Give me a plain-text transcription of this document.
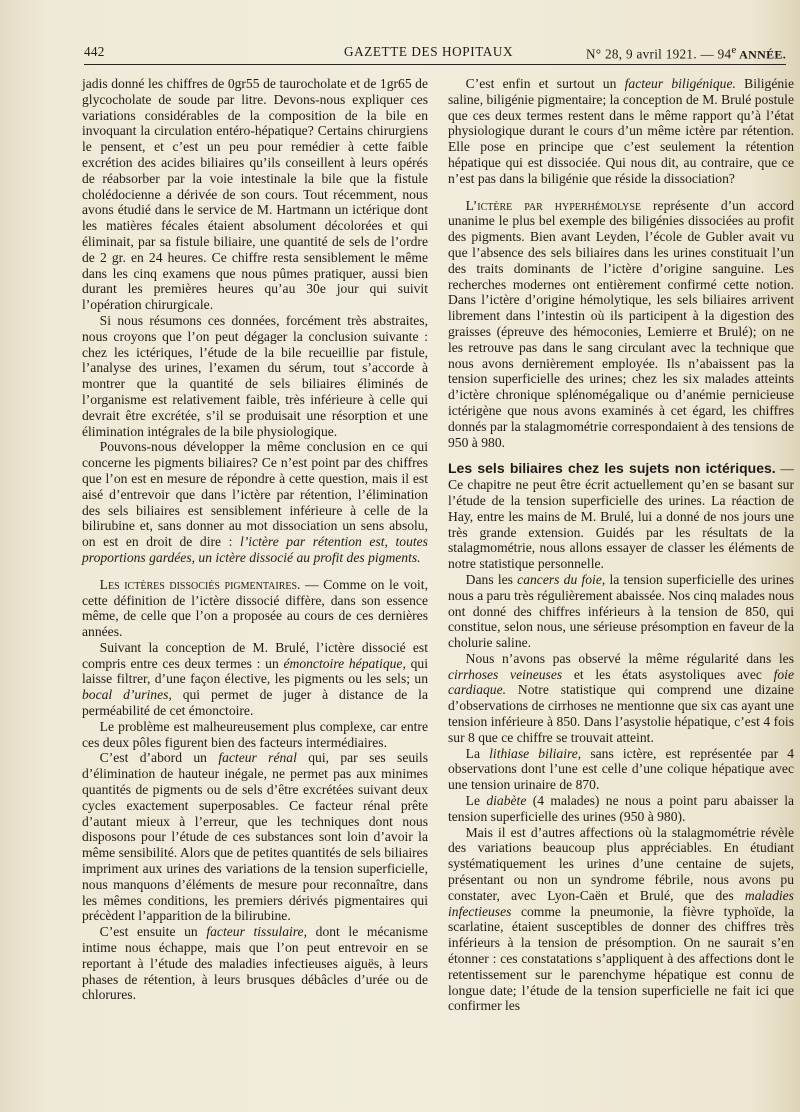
442	GAZETTE DES HOPITAUX	N° 28, 9 avril 1921. — 94e ANNÉE.

jadis donné les chiffres de 0gr55 de taurocholate et de 1gr65 de glycocholate de soude par litre. Devons-nous expliquer ces variations considérables de la composition de la bile en invoquant la circulation entéro-hépatique? Certains chirurgiens le pensent, et c’est un peu pour remédier à cette faible excrétion des acides biliaires qu’ils conseillent à leurs opérés de réabsorber par la voie intestinale la bile que la fistule cholédocienne a dérivée de son cours. Tout récemment, nous avons étudié dans le service de M. Hartmann un ictérique dont les matières fécales étaient absolument décolorées et qui éliminait, par sa fistule biliaire, une quantité de sels de l’ordre de 2 gr. en 24 heures. Ce chiffre resta sensiblement le même dans les cinq examens que nous pûmes pratiquer, aussi bien durant les premières heures qu’au 30e jour qui suivit l’opération chirurgicale.

Si nous résumons ces données, forcément très abstraites, nous croyons que l’on peut dégager la conclusion suivante : chez les ictériques, l’étude de la bile recueillie par fistule, l’analyse des urines, l’examen du sérum, tout s’accorde à montrer que la quantité de sels biliaires éliminés de l’organisme est relativement faible, très inférieure à celle qui devrait être excrétée, s’il se produisait une résorption et une élimination intégrales de la bile physiologique.

Pouvons-nous développer la même conclusion en ce qui concerne les pigments biliaires? Ce n’est point par des chiffres que l’on est en mesure de répondre à cette question, mais il est aisé d’entrevoir que dans l’ictère par rétention, l’élimination des sels biliaires est sensiblement inférieure à celle de la bilirubine et, sans donner au mot dissociation un sens absolu, on est en droit de dire : l’ictère par rétention est, toutes proportions gardées, un ictère dissocié au profit des pigments.

Les ictères dissociés pigmentaires. — Comme on le voit, cette définition de l’ictère dissocié diffère, dans son essence même, de celle que l’on a proposée au cours de ces dernières années.

Suivant la conception de M. Brulé, l’ictère dissocié est compris entre ces deux termes : un émonctoire hépatique, qui laisse filtrer, d’une façon élective, les pigments ou les sels; un bocal d’urines, qui permet de juger à distance de la perméabilité de cet émonctoire.

Le problème est malheureusement plus complexe, car entre ces deux pôles figurent bien des facteurs intermédiaires.

C’est d’abord un facteur rénal qui, par ses seuils d’élimination de hauteur inégale, ne permet pas aux minimes quantités de pigments ou de sels d’être excrétées suivant deux cycles exactement superposables. Ce facteur rénal prête d’autant mieux à l’erreur, que les techniques dont nous disposons pour l’étude de ces substances sont loin d’avoir la même sensibilité. Alors que de petites quantités de sels biliaires impriment aux urines des variations de la tension superficielle, nous manquons d’éléments de mesure pour reconnaître, dans les mêmes conditions, les premiers dérivés pigmentaires qui précèdent l’apparition de la bilirubine.

C’est ensuite un facteur tissulaire, dont le mécanisme intime nous échappe, mais que l’on peut entrevoir en se reportant à l’étude des maladies infectieuses aiguës, à leurs phases de rétention, à leurs brusques débâcles d’urée ou de chlorures.

C’est enfin et surtout un facteur biligénique. Biligénie saline, biligénie pigmentaire; la conception de M. Brulé postule que ces deux termes restent dans le même rapport qu’à l’état physiologique durant le cours d’un même ictère par rétention. Elle pose en principe que c’est seulement la rétention hépatique qui est dissociée. Qui nous dit, au contraire, que ce n’est pas dans la biligénie que réside la dissociation?

L’ictère par hyperhémolyse représente d’un accord unanime le plus bel exemple des biligénies dissociées au profit des pigments. Bien avant Leyden, l’école de Gubler avait vu que l’absence des sels biliaires dans les urines constituait l’un des traits dominants de l’ictère d’origine sanguine. Les recherches modernes ont entièrement confirmé cette notion. Dans l’ictère d’origine hémolytique, les sels biliaires arrivent librement dans l’intestin où ils participent à la digestion des graisses (épreuve des hémoconies, Lemierre et Brulé); on ne les retrouve pas dans le sang circulant avec la technique que nous avons dernièrement employée. Ils n’abaissent pas la tension superficielle des urines; chez les six malades atteints d’ictère chronique splénomégalique ou d’anémie pernicieuse ictérigène que nous avons examinés à cet égard, les chiffres donnés par la stalagmométrie correspondaient à des tensions de 950 à 980.

Les sels biliaires chez les sujets non ictériques. — Ce chapitre ne peut être écrit actuellement qu’en se basant sur l’étude de la tension superficielle des urines. La réaction de Hay, entre les mains de M. Brulé, lui a donné de nos jours une très grande extension. Guidés par les résultats de la stalagmométrie, nous allons essayer de classer les éléments de notre statistique personnelle.

Dans les cancers du foie, la tension superficielle des urines nous a paru très régulièrement abaissée. Nos cinq malades nous ont donné des chiffres inférieurs à la tension de 850, qui constitue, selon nous, une sérieuse présomption en faveur de la cholurie saline.

Nous n’avons pas observé la même régularité dans les cirrhoses veineuses et les états asystoliques avec foie cardiaque. Notre statistique qui comprend une dizaine d’observations de cirrhoses ne mentionne que six cas ayant une tension inférieure à 850. Dans l’asystolie hépatique, c’est 4 fois sur 8 que ce chiffre se trouvait atteint.

La lithiase biliaire, sans ictère, est représentée par 4 observations dont l’une est celle d’une colique hépatique avec une tension urinaire de 870.

Le diabète (4 malades) ne nous a point paru abaisser la tension superficielle des urines (950 à 980).

Mais il est d’autres affections où la stalagmométrie révèle des variations beaucoup plus appréciables. En étudiant systématiquement les urines d’une centaine de sujets, présentant ou non un syndrome fébrile, nous avons pu constater, avec Lyon-Caën et Brulé, que des maladies infectieuses comme la pneumonie, la fièvre typhoïde, la scarlatine, étaient susceptibles de donner des chiffres très inférieurs à la tension de présomption. On ne saurait s’en étonner : ces constatations s’appliquent à des affections dont le retentissement sur le parenchyme hépatique est connu de longue date; l’étude de la tension superficielle ne fait ici que confirmer les
